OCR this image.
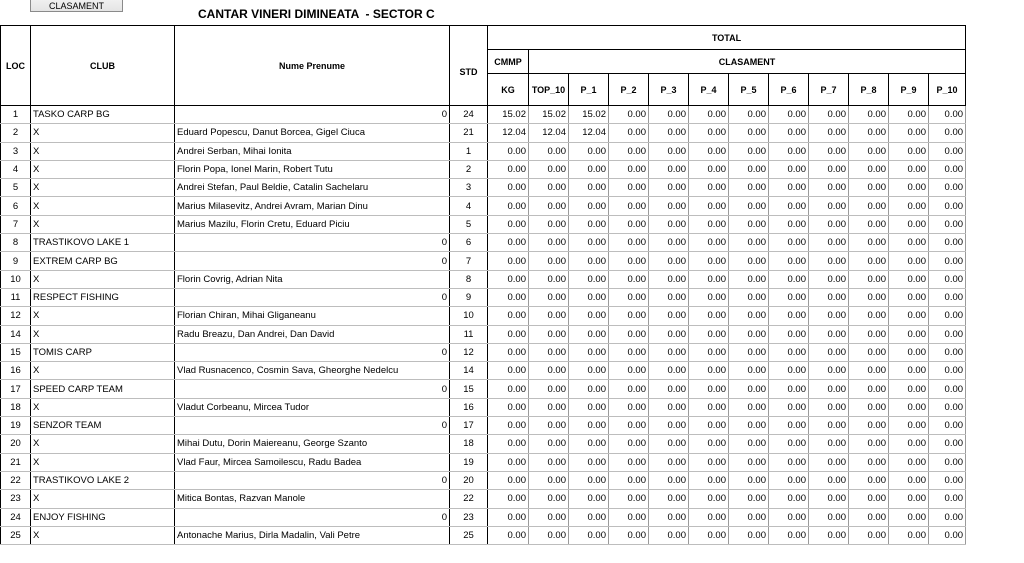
CLASAMENT
CANTAR VINERI DIMINEATA  - SECTOR C
LOC	CLUB	Nume Prenume	STD	TOTAL											
				CMMP	CLASAMENT										
				KG	TOP_10	P_1	P_2	P_3	P_4	P_5	P_6	P_7	P_8	P_9	P_10
1	TASKO CARP BG	0	24	15.02	15.02	15.02	0.00	0.00	0.00	0.00	0.00	0.00	0.00	0.00	0.00
2	X	Eduard Popescu, Danut Borcea, Gigel Ciuca	21	12.04	12.04	12.04	0.00	0.00	0.00	0.00	0.00	0.00	0.00	0.00	0.00
3	X	Andrei Serban, Mihai Ionita	1	0.00	0.00	0.00	0.00	0.00	0.00	0.00	0.00	0.00	0.00	0.00	0.00
4	X	Florin Popa, Ionel Marin, Robert Tutu	2	0.00	0.00	0.00	0.00	0.00	0.00	0.00	0.00	0.00	0.00	0.00	0.00
5	X	Andrei Stefan, Paul Beldie, Catalin Sachelaru	3	0.00	0.00	0.00	0.00	0.00	0.00	0.00	0.00	0.00	0.00	0.00	0.00
6	X	Marius Milasevitz, Andrei Avram, Marian Dinu	4	0.00	0.00	0.00	0.00	0.00	0.00	0.00	0.00	0.00	0.00	0.00	0.00
7	X	Marius Mazilu, Florin Cretu, Eduard Piciu	5	0.00	0.00	0.00	0.00	0.00	0.00	0.00	0.00	0.00	0.00	0.00	0.00
8	TRASTIKOVO LAKE 1	0	6	0.00	0.00	0.00	0.00	0.00	0.00	0.00	0.00	0.00	0.00	0.00	0.00
9	EXTREM CARP BG	0	7	0.00	0.00	0.00	0.00	0.00	0.00	0.00	0.00	0.00	0.00	0.00	0.00
10	X	Florin Covrig, Adrian Nita	8	0.00	0.00	0.00	0.00	0.00	0.00	0.00	0.00	0.00	0.00	0.00	0.00
11	RESPECT FISHING	0	9	0.00	0.00	0.00	0.00	0.00	0.00	0.00	0.00	0.00	0.00	0.00	0.00
12	X	Florian Chiran, Mihai Gliganeanu	10	0.00	0.00	0.00	0.00	0.00	0.00	0.00	0.00	0.00	0.00	0.00	0.00
14	X	Radu Breazu, Dan Andrei, Dan David	11	0.00	0.00	0.00	0.00	0.00	0.00	0.00	0.00	0.00	0.00	0.00	0.00
15	TOMIS CARP	0	12	0.00	0.00	0.00	0.00	0.00	0.00	0.00	0.00	0.00	0.00	0.00	0.00
16	X	Vlad Rusnacenco, Cosmin Sava, Gheorghe Nedelcu	14	0.00	0.00	0.00	0.00	0.00	0.00	0.00	0.00	0.00	0.00	0.00	0.00
17	SPEED CARP TEAM	0	15	0.00	0.00	0.00	0.00	0.00	0.00	0.00	0.00	0.00	0.00	0.00	0.00
18	X	Vladut Corbeanu, Mircea Tudor	16	0.00	0.00	0.00	0.00	0.00	0.00	0.00	0.00	0.00	0.00	0.00	0.00
19	SENZOR TEAM	0	17	0.00	0.00	0.00	0.00	0.00	0.00	0.00	0.00	0.00	0.00	0.00	0.00
20	X	Mihai Dutu, Dorin Maiereanu, George Szanto	18	0.00	0.00	0.00	0.00	0.00	0.00	0.00	0.00	0.00	0.00	0.00	0.00
21	X	Vlad Faur, Mircea Samoilescu, Radu Badea	19	0.00	0.00	0.00	0.00	0.00	0.00	0.00	0.00	0.00	0.00	0.00	0.00
22	TRASTIKOVO LAKE 2	0	20	0.00	0.00	0.00	0.00	0.00	0.00	0.00	0.00	0.00	0.00	0.00	0.00
23	X	Mitica Bontas, Razvan Manole	22	0.00	0.00	0.00	0.00	0.00	0.00	0.00	0.00	0.00	0.00	0.00	0.00
24	ENJOY FISHING	0	23	0.00	0.00	0.00	0.00	0.00	0.00	0.00	0.00	0.00	0.00	0.00	0.00
25	X	Antonache Marius, Dirla Madalin, Vali Petre	25	0.00	0.00	0.00	0.00	0.00	0.00	0.00	0.00	0.00	0.00	0.00	0.00
